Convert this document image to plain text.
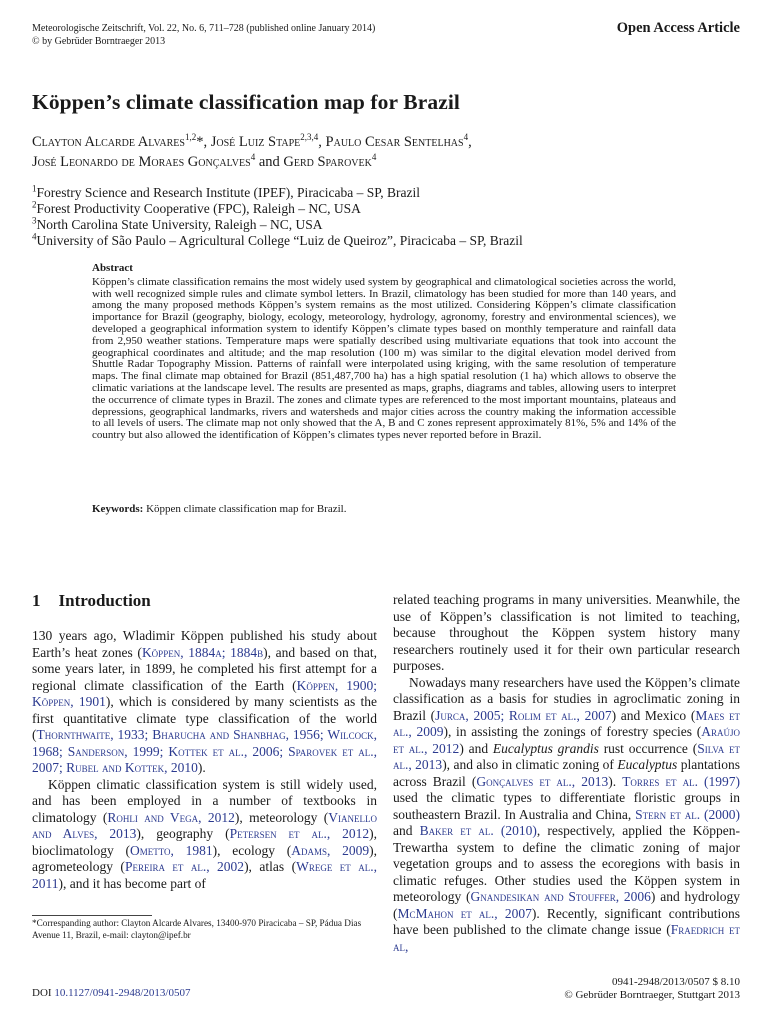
Meteorologische Zeitschrift, Vol. 22, No. 6, 711–728 (published online January 2014)
© by Gebrüder Borntraeger 2013
Open Access Article
Köppen’s climate classification map for Brazil
Clayton Alcarde Alvares$^{1,2}$*, José Luiz Stape$^{2,3,4}$, Paulo Cesar Sentelhas$^4$,
José Leonardo de Moraes Gonçalves$^4$ and Gerd Sparovek$^4$
$^1$Forestry Science and Research Institute (IPEF), Piracicaba – SP, Brazil
$^2$Forest Productivity Cooperative (FPC), Raleigh – NC, USA
$^3$North Carolina State University, Raleigh – NC, USA
$^4$University of São Paulo – Agricultural College “Luiz de Queiroz”, Piracicaba – SP, Brazil
Abstract
Köppen’s climate classification remains the most widely used system by geographical and climatological societies across the world, with well recognized simple rules and climate symbol letters. In Brazil, climatology has been studied for more than 140 years, and among the many proposed methods Köppen’s system remains as the most utilized. Considering Köppen’s climate classification importance for Brazil (geography, biology, ecology, meteorology, hydrology, agronomy, forestry and environmental sciences), we developed a geographical information system to identify Köppen’s climate types based on monthly temperature and rainfall data from 2,950 weather stations. Temperature maps were spatially described using multivariate equations that took into account the geographical coordinates and altitude; and the map resolution (100 m) was similar to the digital elevation model derived from Shuttle Radar Topography Mission. Patterns of rainfall were interpolated using kriging, with the same resolution of temperature maps. The final climate map obtained for Brazil (851,487,700 ha) has a high spatial resolution (1 ha) which allows to observe the climatic variations at the landscape level. The results are presented as maps, graphs, diagrams and tables, allowing users to interpret the occurrence of climate types in Brazil. The zones and climate types are referenced to the most important mountains, plateaus and depressions, geographical landmarks, rivers and watersheds and major cities across the country making the information accessible to all levels of users. The climate map not only showed that the A, B and C zones represent approximately 81%, 5% and 14% of the country but also allowed the identification of Köppen’s climates types never reported before in Brazil.
Keywords: Köppen climate classification map for Brazil.
1 Introduction

130 years ago, Wladimir Köppen published his study about Earth’s heat zones (Köppen, 1884a; 1884b), and based on that, some years later, in 1899, he completed his first attempt for a regional climate classification of the Earth (Köppen, 1900; Köppen, 1901), which is considered by many scientists as the first quantitative climate type classification of the world (Thornthwaite, 1933; Bharucha and Shanbhag, 1956; Wilcock, 1968; Sanderson, 1999; Kottek et al., 2006; Sparovek et al., 2007; Rubel and Kottek, 2010).

Köppen climatic classification system is still widely used, and has been employed in a number of textbooks in climatology (Rohli and Vega, 2012), meteorology (Vianello and Alves, 2013), geography (Petersen et al., 2012), bioclimatology (Ometto, 1981), ecology (Adams, 2009), agrometeology (Pereira et al., 2002), atlas (Wrege et al., 2011), and it has become part of

related teaching programs in many universities. Meanwhile, the use of Köppen’s classification is not limited to teaching, because throughout the Köppen system history many researchers routinely used it for their own particular research purposes.

Nowadays many researchers have used the Köppen’s climate classification as a basis for studies in agroclimatic zoning in Brazil (Jurca, 2005; Rolim et al., 2007) and Mexico (Maes et al., 2009), in assisting the zonings of forestry species (Araújo et al., 2012) and Eucalyptus grandis rust occurrence (Silva et al., 2013), and also in climatic zoning of Eucalyptus plantations across Brazil (Gonçalves et al., 2013). Torres et al. (1997) used the climatic types to differentiate floristic groups in southeastern Brazil. In Australia and China, Stern et al. (2000) and Baker et al. (2010), respectively, applied the Köppen-Trewartha system to define the climatic zoning of major vegetation groups and to assess the ecoregions with basis in climatic refuges. Other studies used the Köppen system in meteorology (Gnandesikan and Stouffer, 2006) and hydrology (McMahon et al., 2007). Recently, significant contributions have been published to the climate change issue (Fraedrich et al,

*Correspanding author: Clayton Alcarde Alvares, 13400-970 Piracicaba – SP, Pádua Dias Avenue 11, Brazil, e-mail: clayton@ipef.br
DOI 10.1127/0941-2948/2013/0507
0941-2948/2013/0507 $ 8.10
© Gebrüder Borntraeger, Stuttgart 2013
